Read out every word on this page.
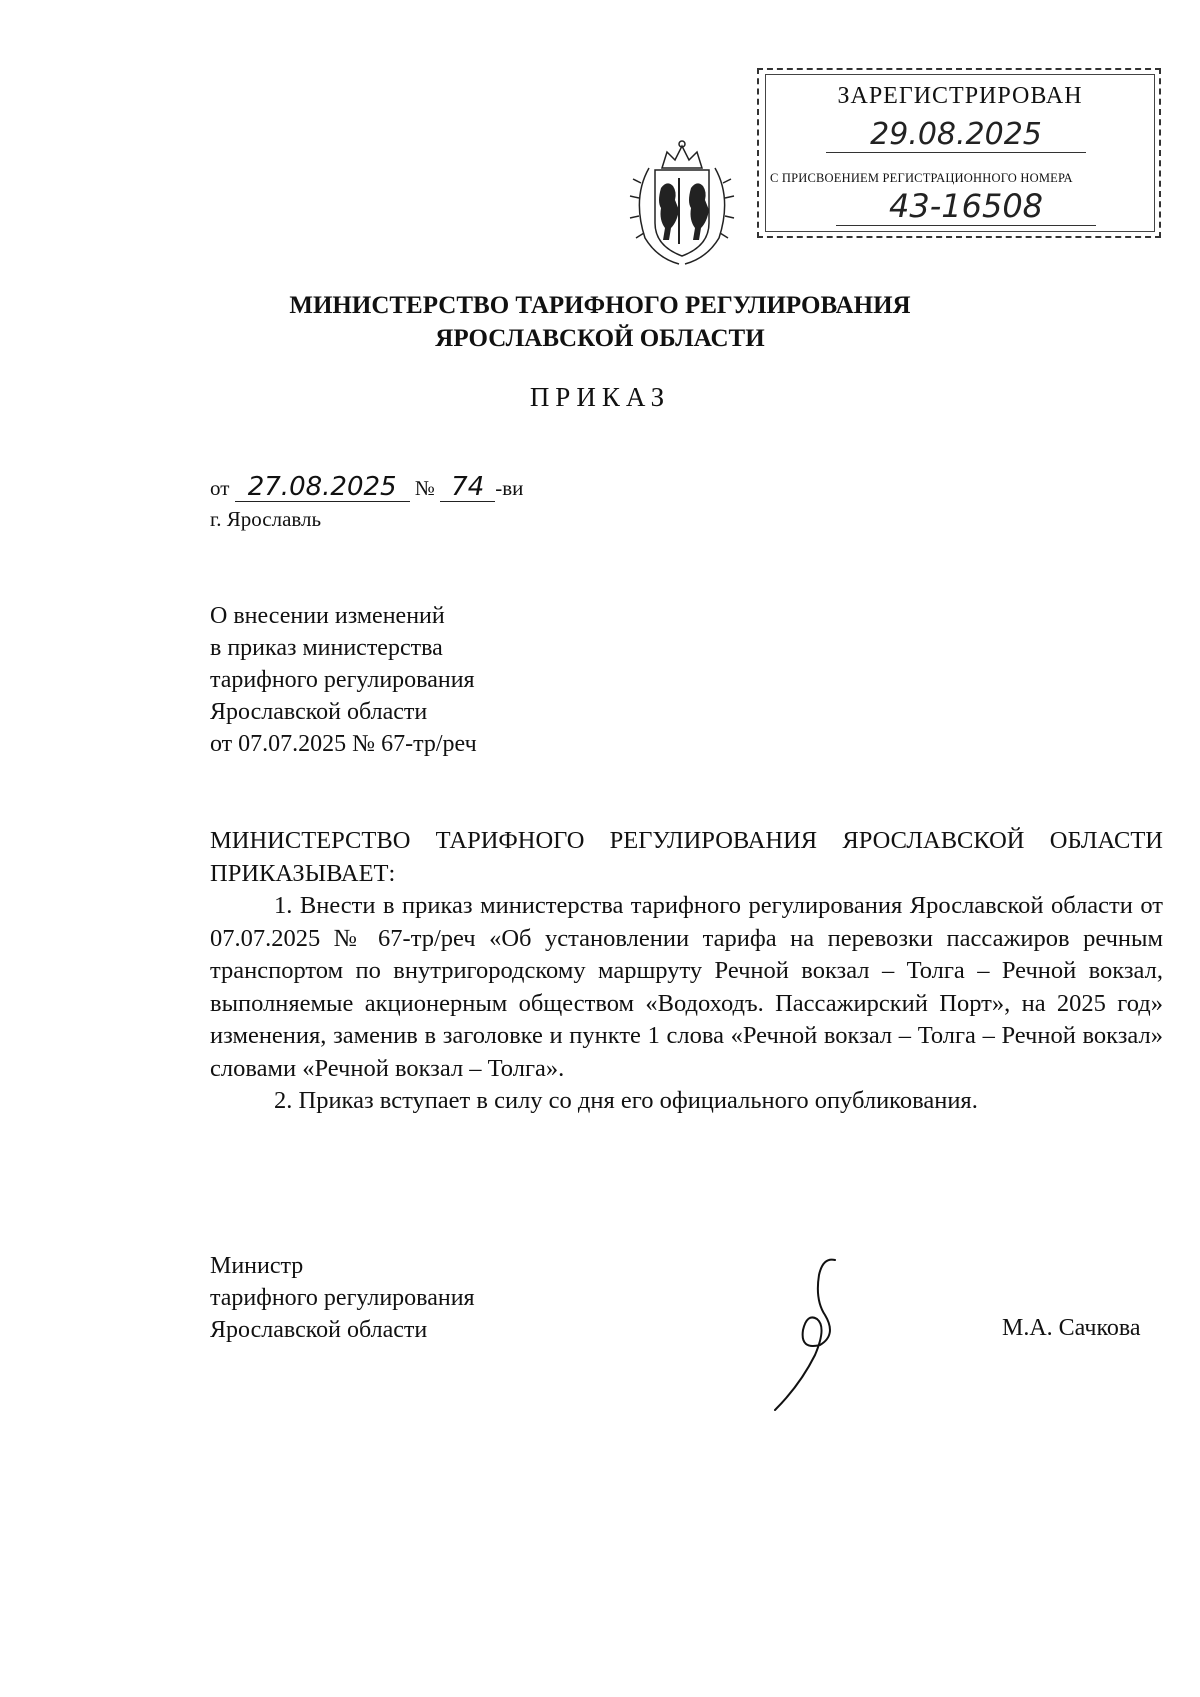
ЗАРЕГИСТРИРОВАН
29.08.2025
С ПРИСВОЕНИЕМ РЕГИСТРАЦИОННОГО НОМЕРА
43-16508
МИНИСТЕРСТВО ТАРИФНОГО РЕГУЛИРОВАНИЯ
ЯРОСЛАВСКОЙ ОБЛАСТИ
ПРИКАЗ
от 27.08.2025 № 74 -ви
г. Ярославль
О внесении изменений
в приказ министерства
тарифного регулирования
Ярославской области
от 07.07.2025 № 67-тр/реч

МИНИСТЕРСТВО ТАРИФНОГО РЕГУЛИРОВАНИЯ ЯРОСЛАВСКОЙ ОБЛАСТИ ПРИКАЗЫВАЕТ:

1. Внести в приказ министерства тарифного регулирования Ярославской области от 07.07.2025 № 67-тр/реч «Об установлении тарифа на перевозки пассажиров речным транспортом по внутригородскому маршруту Речной вокзал – Толга – Речной вокзал, выполняемые акционерным обществом «Водоходъ. Пассажирский Порт», на 2025 год» изменения, заменив в заголовке и пункте 1 слова «Речной вокзал – Толга – Речной вокзал» словами «Речной вокзал – Толга».

2. Приказ вступает в силу со дня его официального опубликования.

Министр
тарифного регулирования
Ярославской области	М.А. Сачкова
